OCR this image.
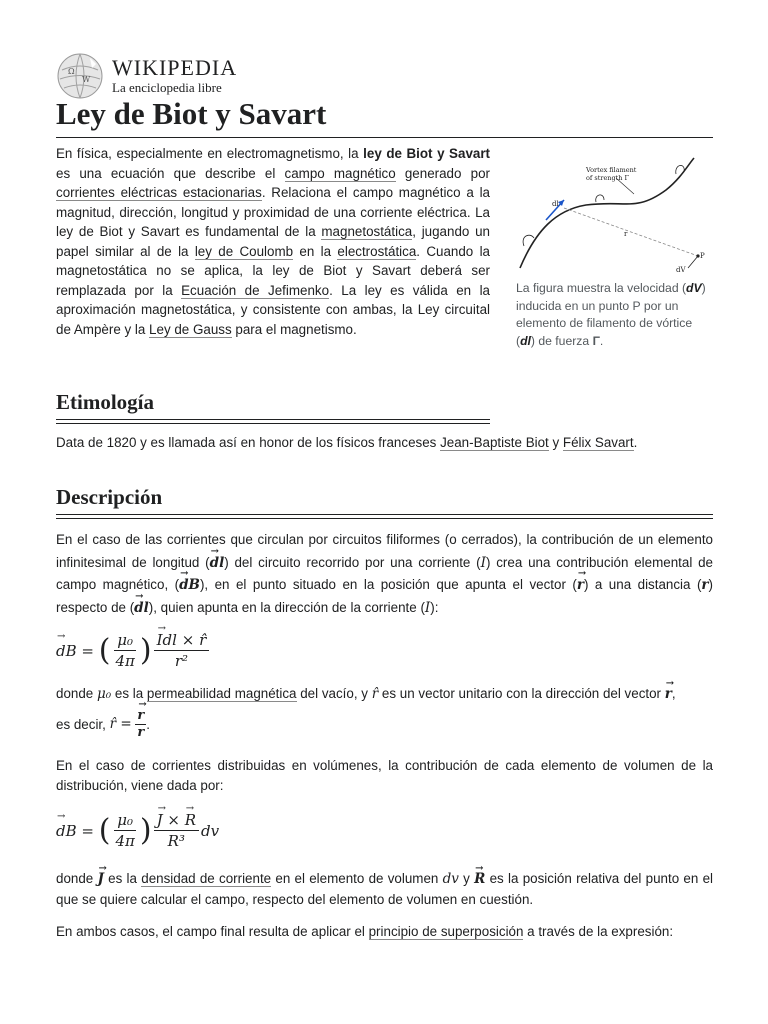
Ω
W WIKIPEDIA
La enciclopedia libre
Ley de Biot y Savart

En física, especialmente en electromagnetismo, la ley de Biot y Savart es una ecuación que describe el campo magnético generado por corrientes eléctricas estacionarias. Relaciona el campo magnético a la magnitud, dirección, longitud y proximidad de una corriente eléctrica. La ley de Biot y Savart es fundamental de la magnetostática, jugando un papel similar al de la ley de Coulomb en la electrostática. Cuando la magnetostática no se aplica, la ley de Biot y Savart deberá ser remplazada por la Ecuación de Jefimenko. La ley es válida en la aproximación magnetostática, y consistente con ambas, la Ley circuital de Ampère y la Ley de Gauss para el magnetismo.

Vortex filament
of strength Γ
dl
r
P
dV
La figura muestra la velocidad (dV) inducida en un punto P por un elemento de filamento de vórtice (dl) de fuerza Γ.
Etimología

Data de 1820 y es llamada así en honor de los físicos franceses Jean-Baptiste Biot y Félix Savart.

Descripción

En el caso de las corrientes que circulan por circuitos filiformes (o cerrados), la contribución de un elemento infinitesimal de longitud (dl →) del circuito recorrido por una corriente (I) crea una contribución elemental de campo magnético, (dB →), en el punto situado en la posición que apunta el vector (r →) a una distancia (r) respecto de (dl →), quien apunta en la dirección de la corriente (I):

dB →
=
( $\frac{\text{μ₀}}{4\pi}$ ) $\frac{\text{Idl → × r̂}}{\text{r²}}$

donde μ₀ es la permeabilidad magnética del vacío, y r̂ es un vector unitario con la dirección del vector r →,

es decir,
r̂ =
$\frac{r \to}{r}$ .

En el caso de corrientes distribuidas en volúmenes, la contribución de cada elemento de volumen de la distribución, viene dada por:

dB →
=
( $\frac{\text{μ₀}}{4\pi}$ ) $\frac{J \to \times R \to}{\text{R³}}$ dv

donde J → es la densidad de corriente en el elemento de volumen dv y R → es la posición relativa del punto en el que se quiere calcular el campo, respecto del elemento de volumen en cuestión.

En ambos casos, el campo final resulta de aplicar el principio de superposición a través de la expresión:
